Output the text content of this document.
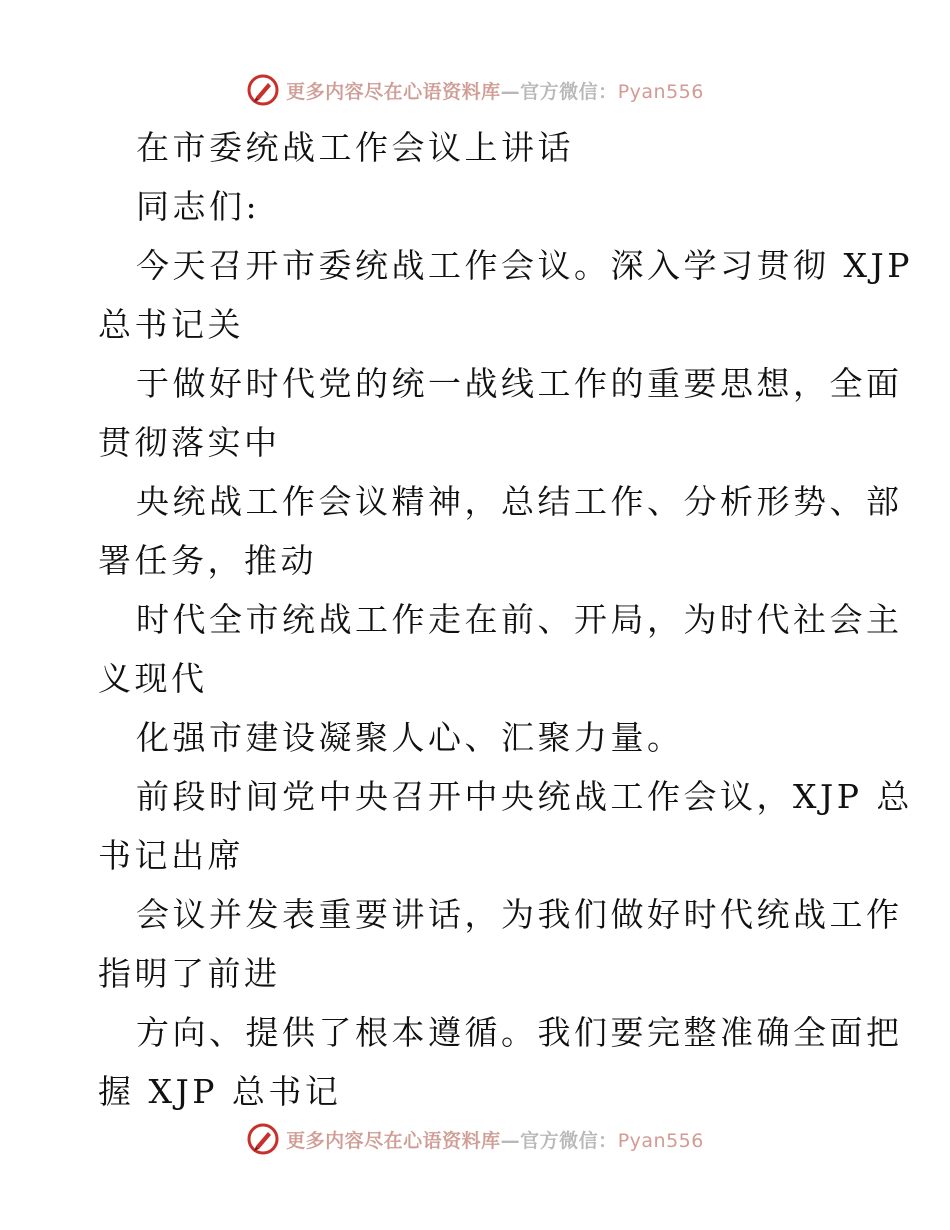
更多内容尽在心语资料库—官方微信：Pyan556
在市委统战工作会议上讲话
同志们:
今天召开市委统战工作会议。深入学习贯彻 XJP
总书记关
于做好时代党的统一战线工作的重要思想，全面
贯彻落实中
央统战工作会议精神，总结工作、分析形势、部
署任务，推动
时代全市统战工作走在前、开局，为时代社会主
义现代
化强市建设凝聚人心、汇聚力量。
前段时间党中央召开中央统战工作会议，XJP 总
书记出席
会议并发表重要讲话，为我们做好时代统战工作
指明了前进
方向、提供了根本遵循。我们要完整准确全面把
握 XJP 总书记
更多内容尽在心语资料库—官方微信：Pyan556
